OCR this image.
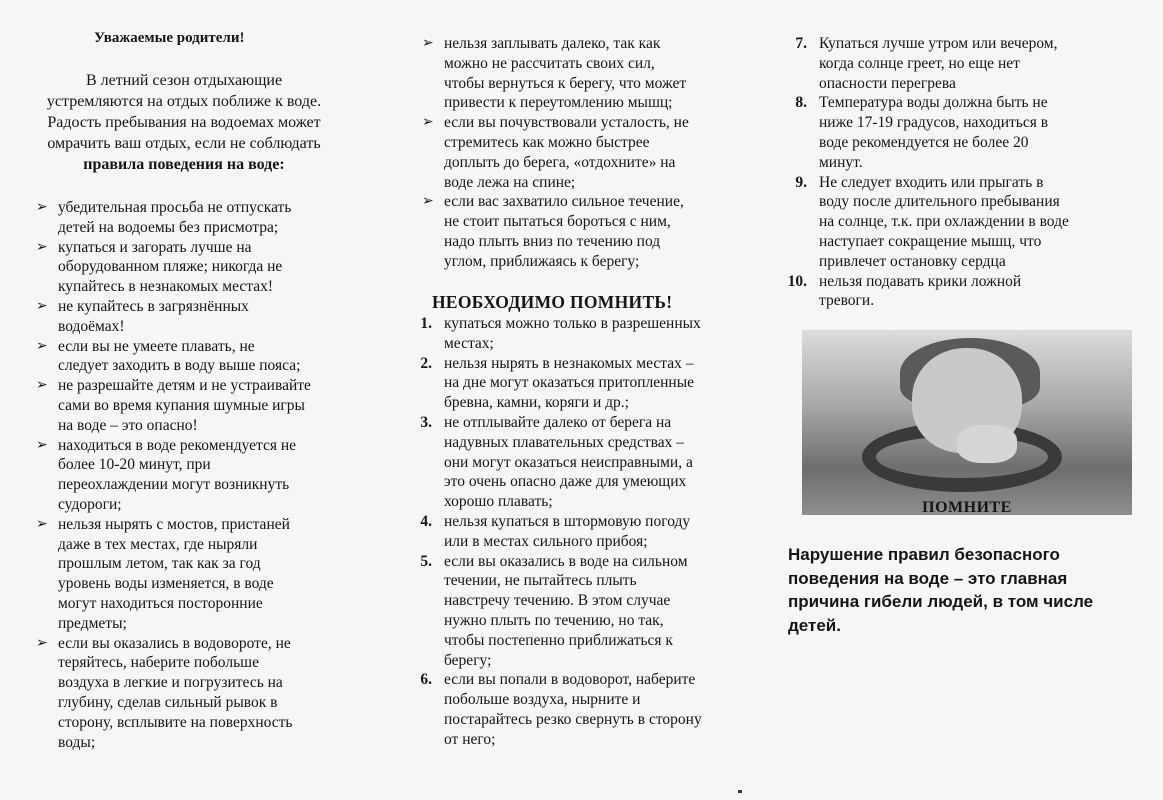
Уважаемые родители!
В летний сезон отдыхающие
устремляются на отдых поближе к воде.
Радость пребывания на водоемах может
омрачить ваш отдых, если не соблюдать
правила поведения на воде:
➢ убедительная просьба не отпускать
детей на водоемы без присмотра;
➢ купаться и загорать лучше на
оборудованном пляже; никогда не
купайтесь в незнакомых местах!
➢ не купайтесь в загрязнённых
водоёмах!
➢ если вы не умеете плавать, не
следует заходить в воду выше пояса;
➢ не разрешайте детям и не устраивайте
сами во время купания шумные игры
на воде – это опасно!
➢ находиться в воде рекомендуется не
более 10-20 минут, при
переохлаждении могут возникнуть
судороги;
➢ нельзя нырять с мостов, пристаней
даже в тех местах, где ныряли
прошлым летом, так как за год
уровень воды изменяется, в воде
могут находиться посторонние
предметы;
➢ если вы оказались в водовороте, не
теряйтесь, наберите побольше
воздуха в легкие и погрузитесь на
глубину, сделав сильный рывок в
сторону, всплывите на поверхность
воды;
➢ нельзя заплывать далеко, так как
можно не рассчитать своих сил,
чтобы вернуться к берегу, что может
привести к переутомлению мышц;
➢ если вы почувствовали усталость, не
стремитесь как можно быстрее
доплыть до берега, «отдохните» на
воде лежа на спине;
➢ если вас захватило сильное течение,
не стоит пытаться бороться с ним,
надо плыть вниз по течению под
углом, приближаясь к берегу;
НЕОБХОДИМО ПОМНИТЬ!
1. купаться можно только в разрешенных
местах;
2. нельзя нырять в незнакомых местах –
на дне могут оказаться притопленные
бревна, камни, коряги и др.;
3. не отплывайте далеко от берега на
надувных плавательных средствах –
они могут оказаться неисправными, а
это очень опасно даже для умеющих
хорошо плавать;
4. нельзя купаться в штормовую погоду
или в местах сильного прибоя;
5. если вы оказались в воде на сильном
течении, не пытайтесь плыть
навстречу течению. В этом случае
нужно плыть по течению, но так,
чтобы постепенно приближаться к
берегу;
6. если вы попали в водоворот, наберите
побольше воздуха, нырните и
постарайтесь резко свернуть в сторону
от него;
7. Купаться лучше утром или вечером,
когда солнце греет, но еще нет
опасности перегрева
8. Температура воды должна быть не
ниже 17-19 градусов, находиться в
воде рекомендуется не более 20
минут.
9. Не следует входить или прыгать в
воду после длительного пребывания
на солнце, т.к. при охлаждении в воде
наступает сокращение мышц, что
привлечет остановку сердца
10. нельзя подавать крики ложной
тревоги.
ПОМНИТЕ
Нарушение правил безопасного
поведения на воде – это главная
причина гибели людей, в том числе
детей.
